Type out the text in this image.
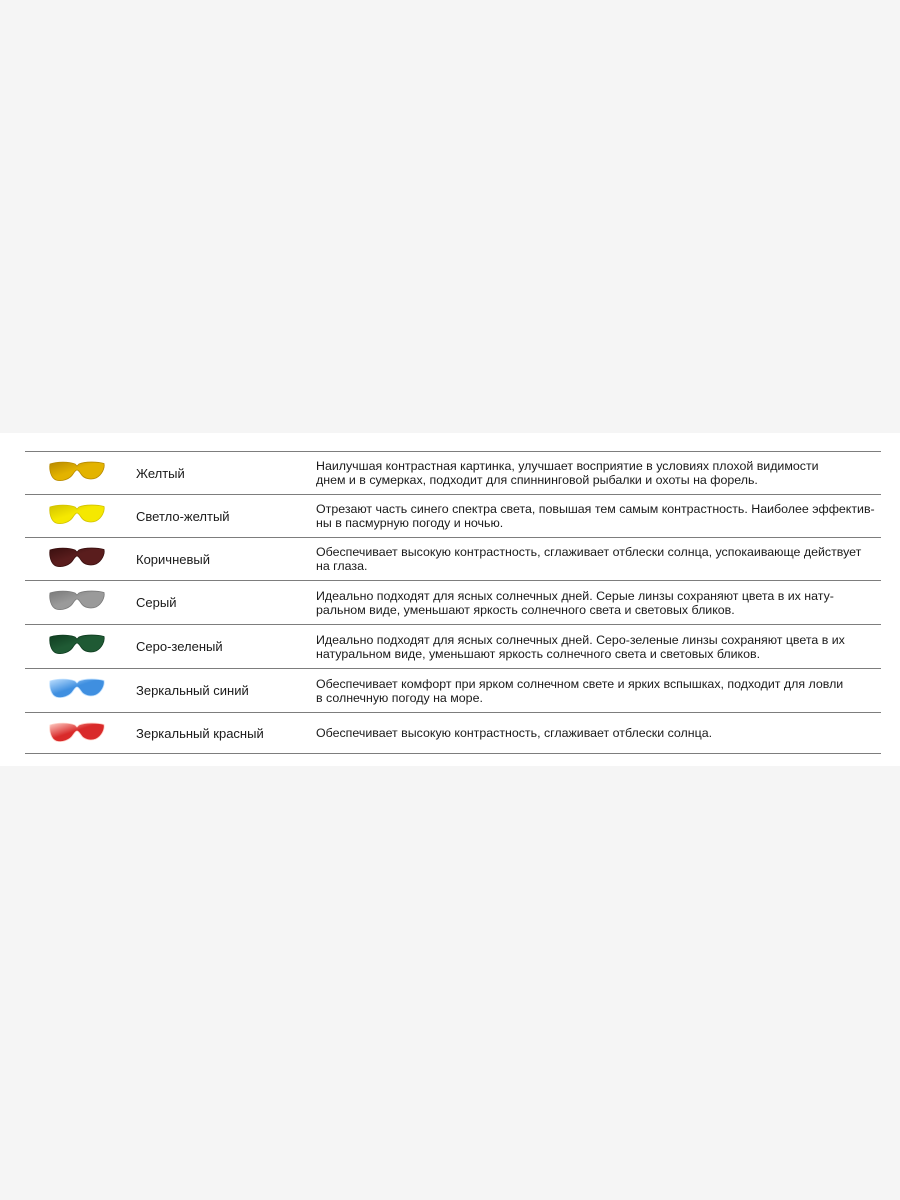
Желтый	Наилучшая контрастная картинка, улучшает восприятие в условиях плохой видимости
днем и в сумерках, подходит для спиннинговой рыбалки и охоты на форель.
Светло-желтый	Отрезают часть синего спектра света, повышая тем самым контрастность. Наиболее эффектив-
ны в пасмурную погоду и ночью.
Коричневый	Обеспечивает высокую контрастность, сглаживает отблески солнца, успокаивающе действует
на глаза.
Серый	Идеально подходят для ясных солнечных дней. Серые линзы сохраняют цвета в их нату-
ральном виде, уменьшают яркость солнечного света и световых бликов.
Серо-зеленый	Идеально подходят для ясных солнечных дней. Серо-зеленые линзы сохраняют цвета в их
натуральном виде, уменьшают яркость солнечного света и световых бликов.
Зеркальный синий	Обеспечивает комфорт при ярком солнечном свете и ярких вспышках, подходит для ловли
в солнечную погоду на море.
Зеркальный красный	Обеспечивает высокую контрастность, сглаживает отблески солнца.
